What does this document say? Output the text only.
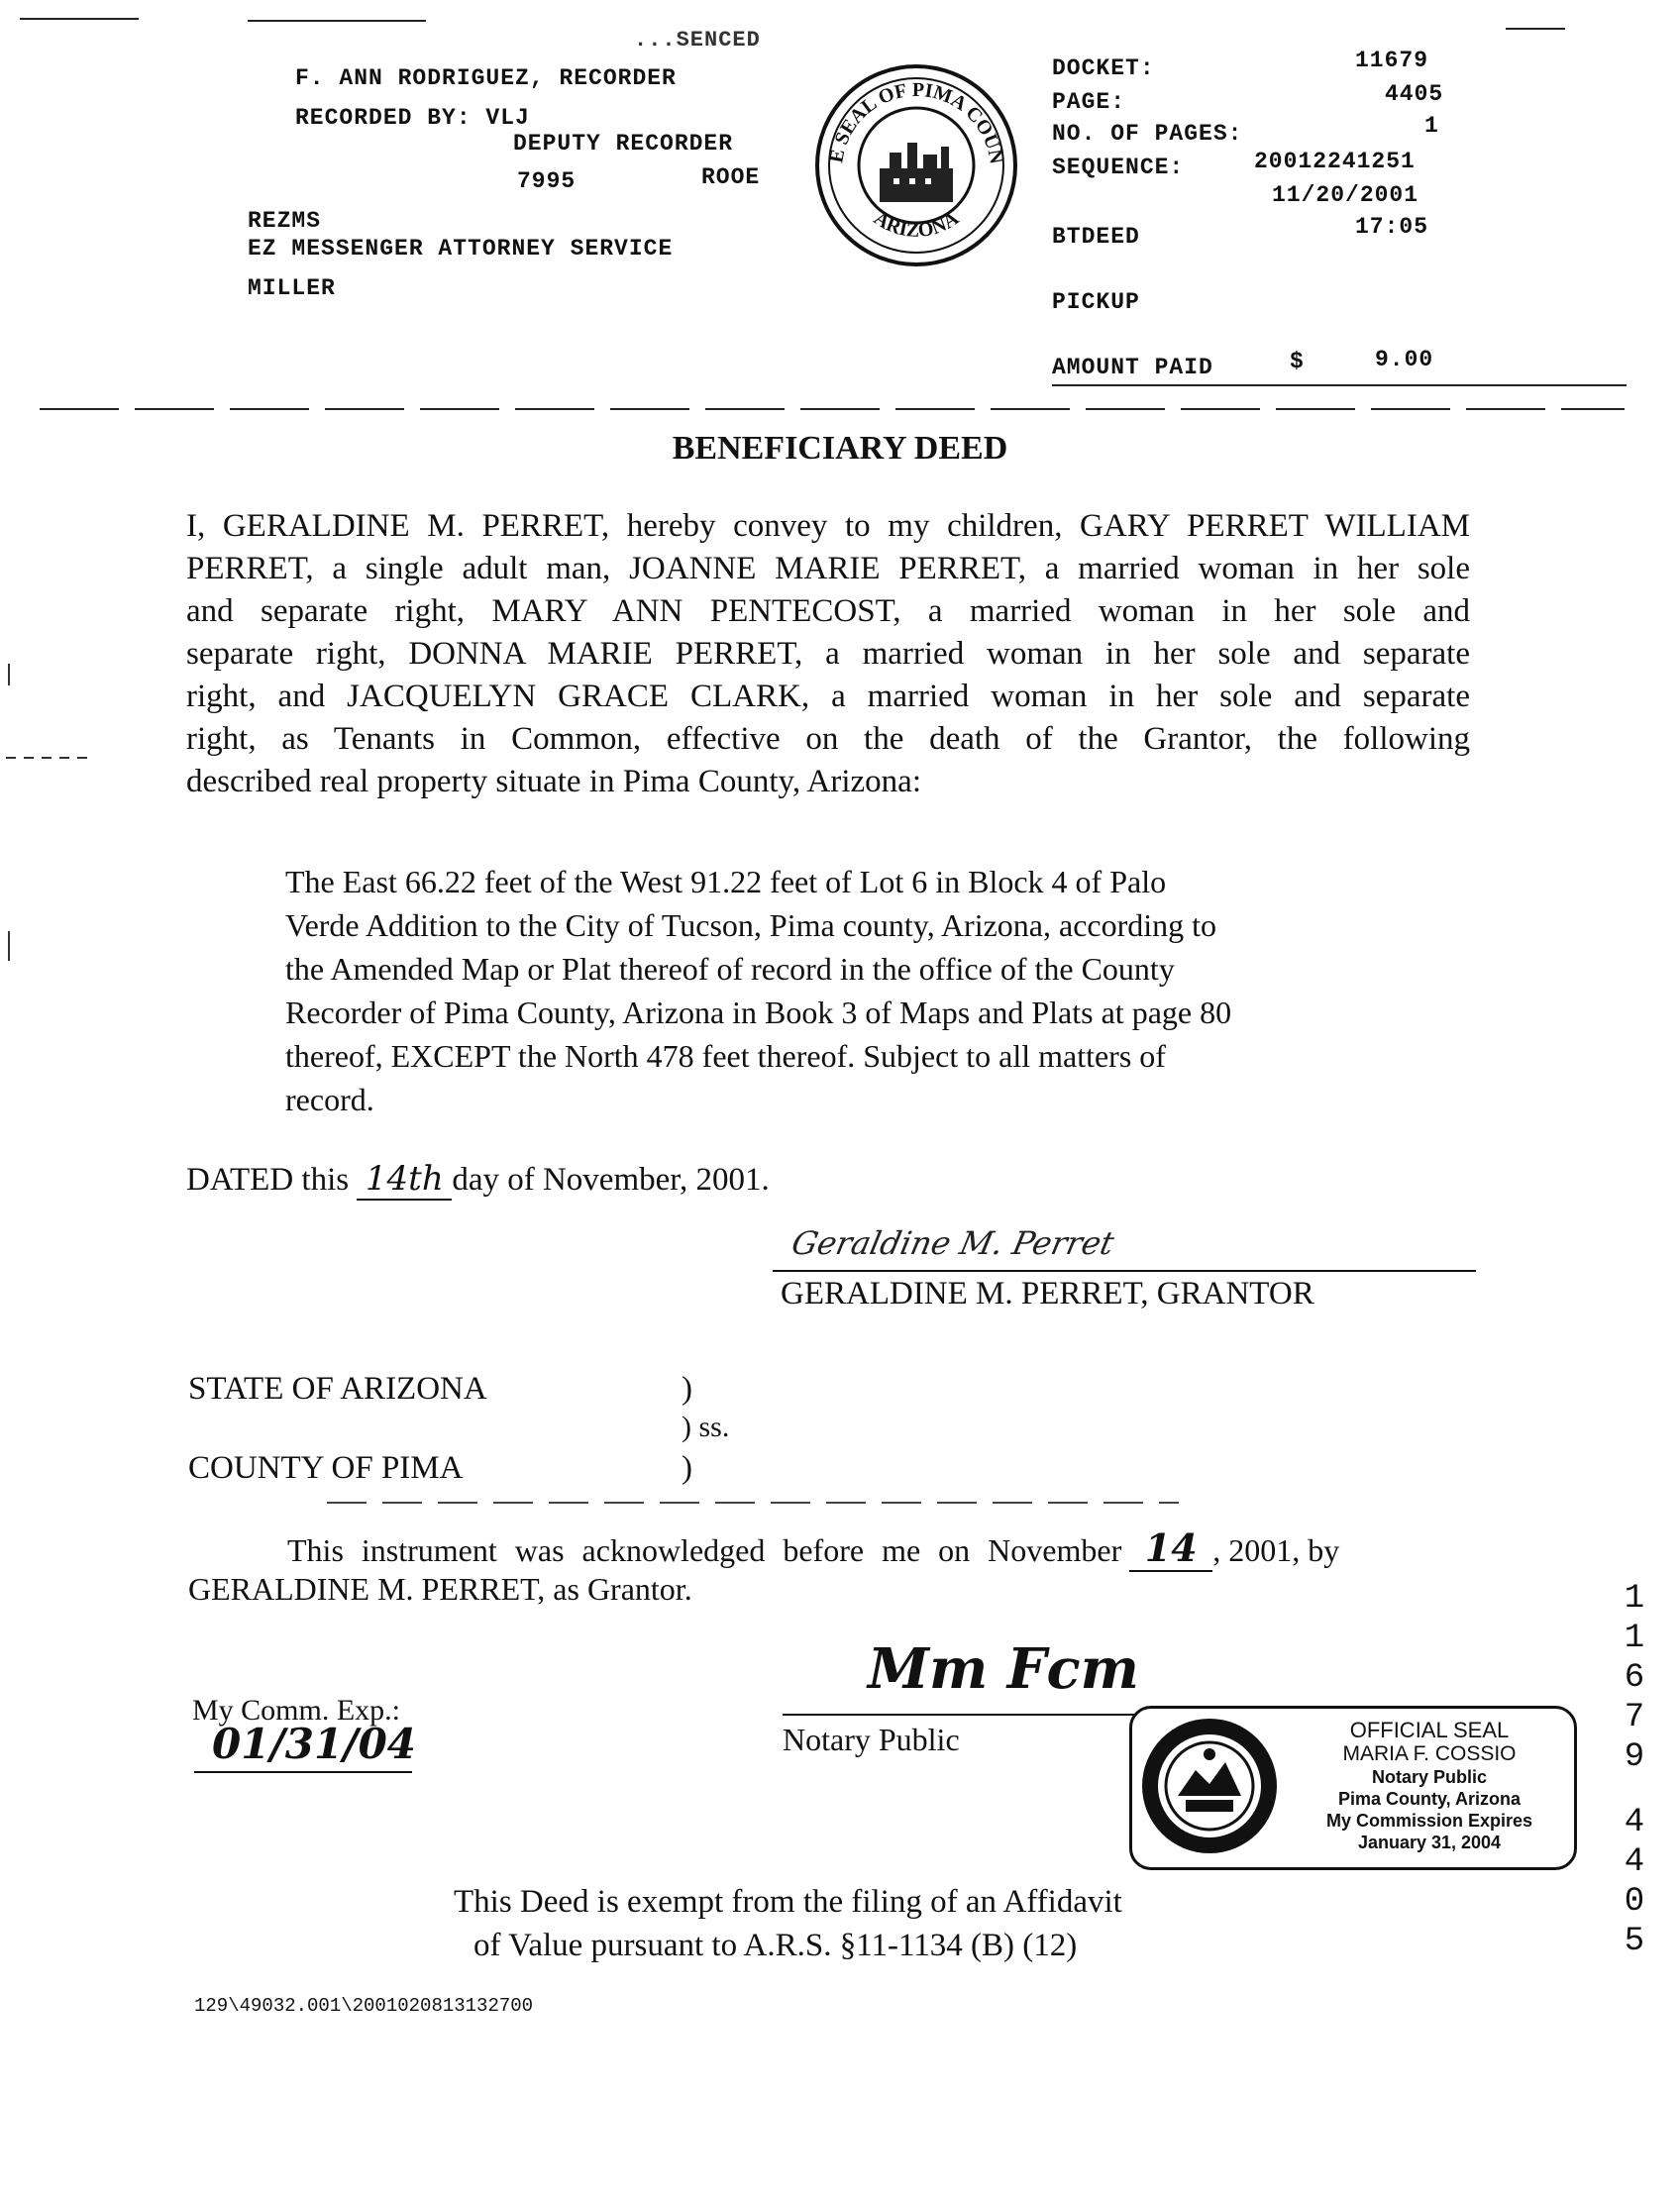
...SENCED
F. ANN RODRIGUEZ, RECORDER
RECORDED BY: VLJ
DEPUTY RECORDER
7995	ROOE
REZMS
EZ MESSENGER ATTORNEY SERVICE
MILLER
E SEAL OF PIMA COUN
ARIZONA
DOCKET:	11679
PAGE:	4405
NO. OF PAGES:	1
SEQUENCE:	20012241251
11/20/2001
BTDEED	17:05
PICKUP
AMOUNT PAID	$	9.00
BENEFICIARY DEED
I, GERALDINE M. PERRET, hereby convey to my children, GARY PERRET WILLIAM
PERRET, a single adult man, JOANNE MARIE PERRET, a married woman in her sole
and separate right, MARY ANN PENTECOST, a married woman in her sole and
separate right, DONNA MARIE PERRET, a married woman in her sole and separate
right, and JACQUELYN GRACE CLARK, a married woman in her sole and separate
right, as Tenants in Common, effective on the death of the Grantor, the following
described real property situate in Pima County, Arizona:
The East 66.22 feet of the West 91.22 feet of Lot 6 in Block 4 of Palo
Verde Addition to the City of Tucson, Pima county, Arizona, according to
the Amended Map or Plat thereof of record in the office of the County
Recorder of Pima County, Arizona in Book 3 of Maps and Plats at page 80
thereof, EXCEPT the North 478 feet thereof. Subject to all matters of
record.
DATED this 14th day of November, 2001.
Geraldine M. Perret
GERALDINE M. PERRET, GRANTOR
STATE OF ARIZONA	)
) ss.
COUNTY OF PIMA	)
This instrument was acknowledged before me on November 14 , 2001, by
GERALDINE M. PERRET, as Grantor.
Mm Fcm
Notary Public
My Comm. Exp.:
01/31/04	OFFICIAL SEAL
MARIA F. COSSIO
Notary Public
Pima County, Arizona
My Commission Expires
January 31, 2004
This Deed is exempt from the filing of an Affidavit
of Value pursuant to A.R.S. §11-1134 (B) (12)
129\49032.001\2001020813132700
1
1
6
7
9
4
4
0
5
